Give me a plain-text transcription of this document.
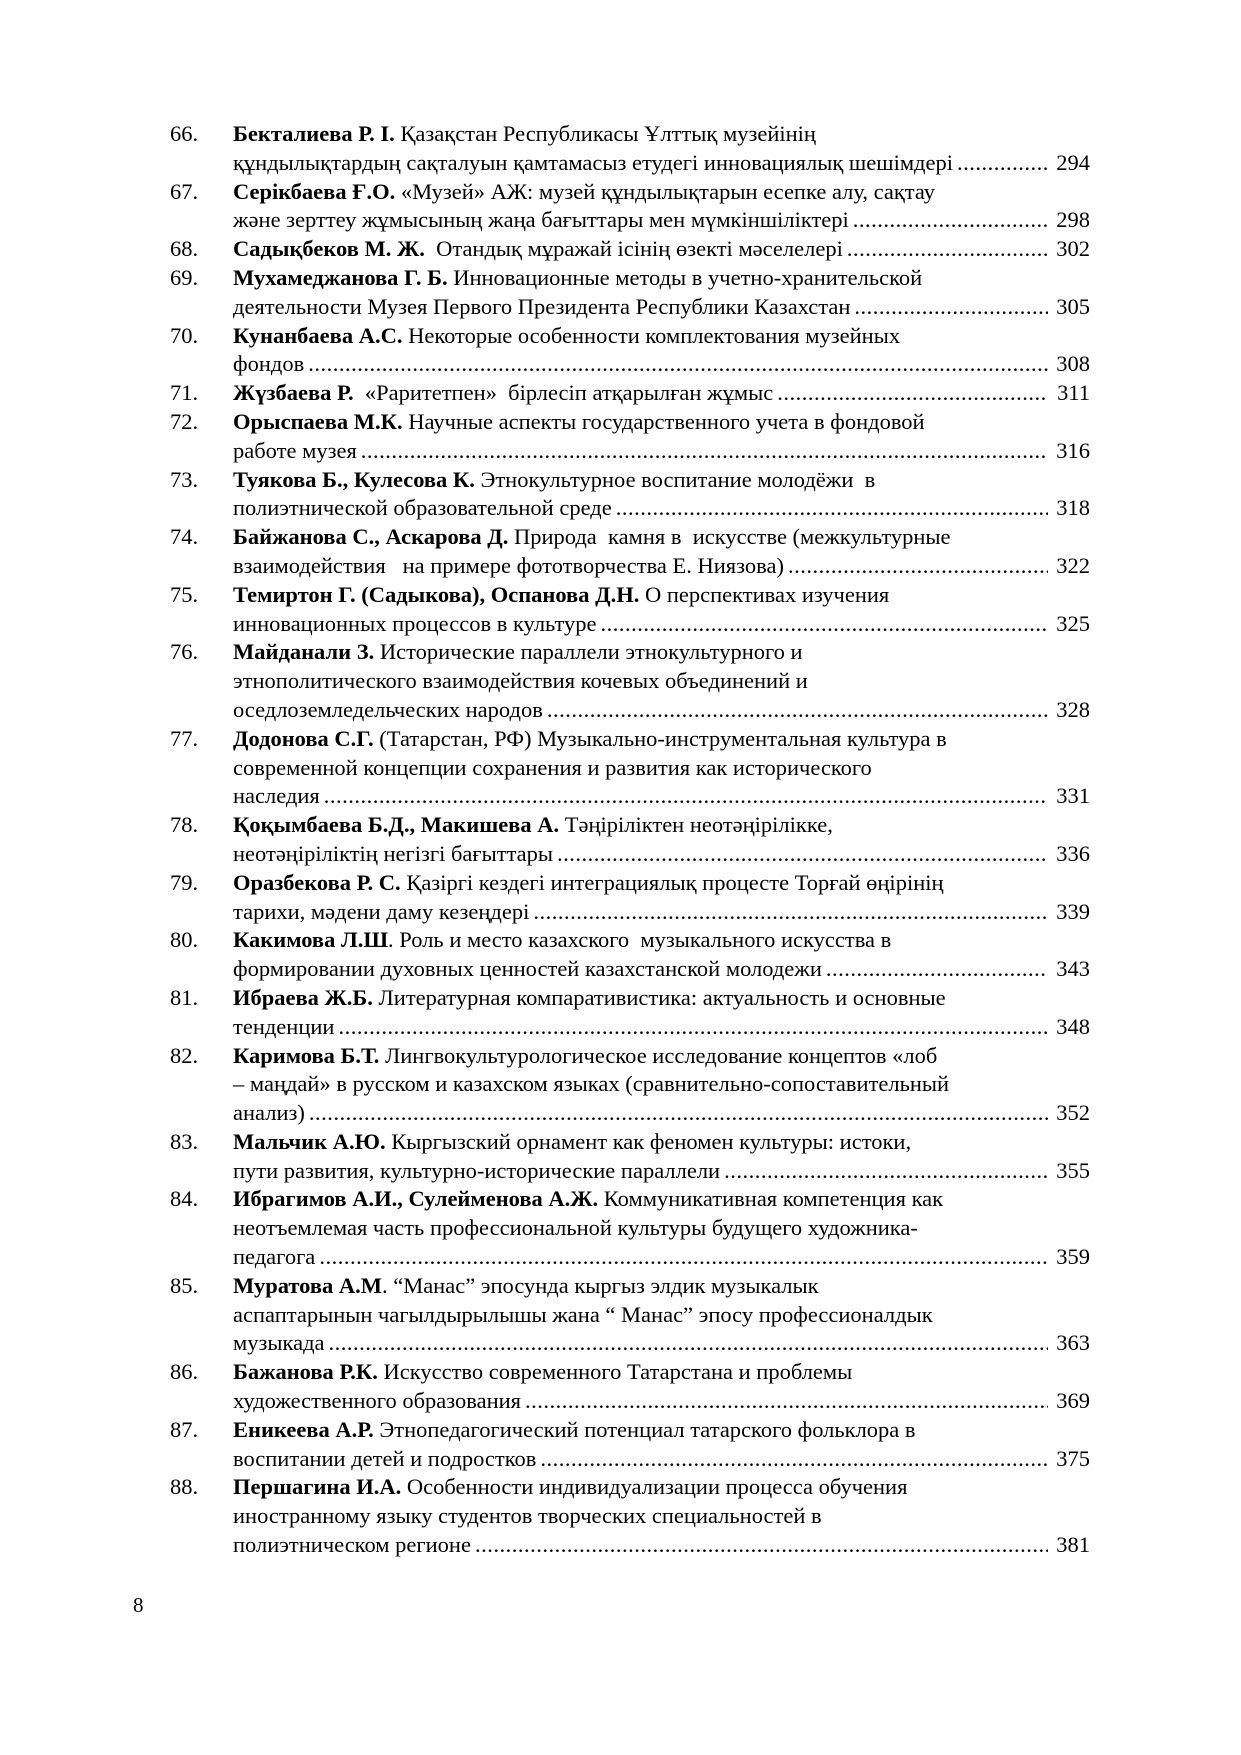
66.	Бекталиева Р. І. Қазақстан Республикасы Ұлттық музейінің
құндылықтардың сақталуын қамтамасыз етудегі инновациялық шешімдері .....	294
67.	Серікбаева Ғ.О. «Музей» АЖ: музей құндылықтарын есепке алу, сақтау
және зерттеу жұмысының жаңа бағыттары мен мүмкіншіліктері .....	298
68.	Садықбеков М. Ж.  Отандық мұражай ісінің өзекті мәселелері .....	302
69.	Мухамеджанова Г. Б. Инновационные методы в учетно-хранительской
деятельности Музея Первого Президента Республики Казахстан .....	305
70.	Кунанбаева А.С. Некоторые особенности комплектования музейных
фондов .....	308
71.	Жүзбаева Р.  «Раритетпен»  бірлесіп атқарылған жұмыс .....	311
72.	Орыспаева М.К. Научные аспекты государственного учета в фондовой
работе музея .....	316
73.	Туякова Б., Кулесова К. Этнокультурное воспитание молодёжи  в
полиэтнической образовательной среде .....	318
74.	Байжанова С., Аскарова Д. Природа  камня в  искусстве (межкультурные
взаимодействия   на примере фототворчества Е. Ниязова) .....	322
75.	Темиртон Г. (Садыкова), Оспанова Д.Н. О перспективах изучения
инновационных процессов в культуре .....	325
76.	Майданали З. Исторические параллели этнокультурного и
этнополитического взаимодействия кочевых объединений и
оседлоземледельческих народов .....	328
77.	Додонова С.Г. (Татарстан, РФ) Музыкально-инструментальная культура в
современной концепции сохранения и развития как исторического
наследия .....	331
78.	Қоқымбаева Б.Д., Макишева А. Тәңіріліктен неотәңірілікке,
неотәңіріліктің негізгі бағыттары .....	336
79.	Оразбекова Р. С. Қазіргі кездегі интеграциялық процесте Торғай өңірінің
тарихи, мәдени даму кезеңдері .....	339
80.	Какимова Л.Ш. Роль и место казахского  музыкального искусства в
формировании духовных ценностей казахстанской молодежи .....	343
81.	Ибраева Ж.Б. Литературная компаративистика: актуальность и основные
тенденции .....	348
82.	Каримова Б.Т. Лингвокультурологическое исследование концептов «лоб
– маңдай» в русском и казахском языках (сравнительно-сопоставительный
анализ) .....	352
83.	Мальчик А.Ю. Кыргызский орнамент как феномен культуры: истоки,
пути развития, культурно-исторические параллели .....	355
84.	Ибрагимов А.И., Сулейменова А.Ж. Коммуникативная компетенция как
неотъемлемая часть профессиональной культуры будущего художника-
педагога .....	359
85.	Муратова А.М. “Манас” эпосунда кыргыз элдик музыкалык
аспаптарынын чагылдырылышы жана “ Манас” эпосу профессионалдык
музыкада .....	363
86.	Бажанова Р.К. Искусство современного Татарстана и проблемы
художественного образования .....	369
87.	Еникеева А.Р. Этнопедагогический потенциал татарского фольклора в
воспитании детей и подростков .....	375
88.	Першагина И.А. Особенности индивидуализации процесса обучения
иностранному языку студентов творческих специальностей в
полиэтническом регионе .....	381
8
